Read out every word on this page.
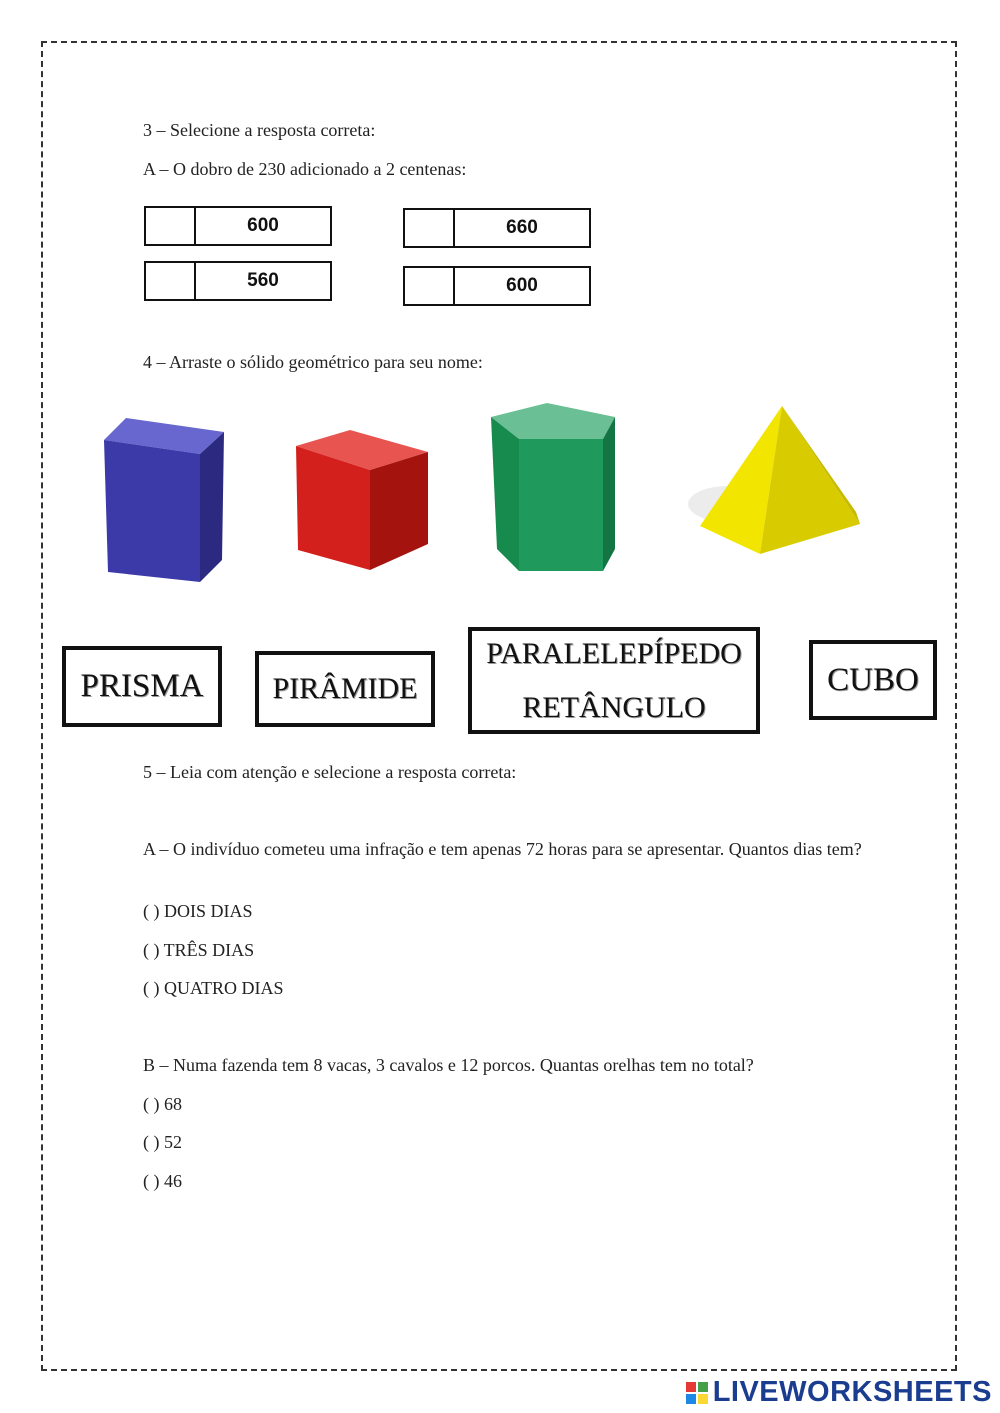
3 – Selecione a resposta correta:
A – O dobro de 230 adicionado a 2 centenas:
600
560
660
600
4 – Arraste o sólido geométrico para seu nome:
PRISMA PIRÂMIDE
PARALELEPÍPEDO
RETÂNGULO
CUBO
5 – Leia com atenção e selecione a resposta correta:
A – O indivíduo cometeu uma infração e tem apenas 72 horas para se apresentar. Quantos dias tem?
( ) DOIS DIAS
( ) TRÊS DIAS
( ) QUATRO DIAS
B – Numa fazenda tem 8 vacas, 3 cavalos e 12 porcos. Quantas orelhas tem no total?
( ) 68
( ) 52
( ) 46
LIVEWORKSHEETS
